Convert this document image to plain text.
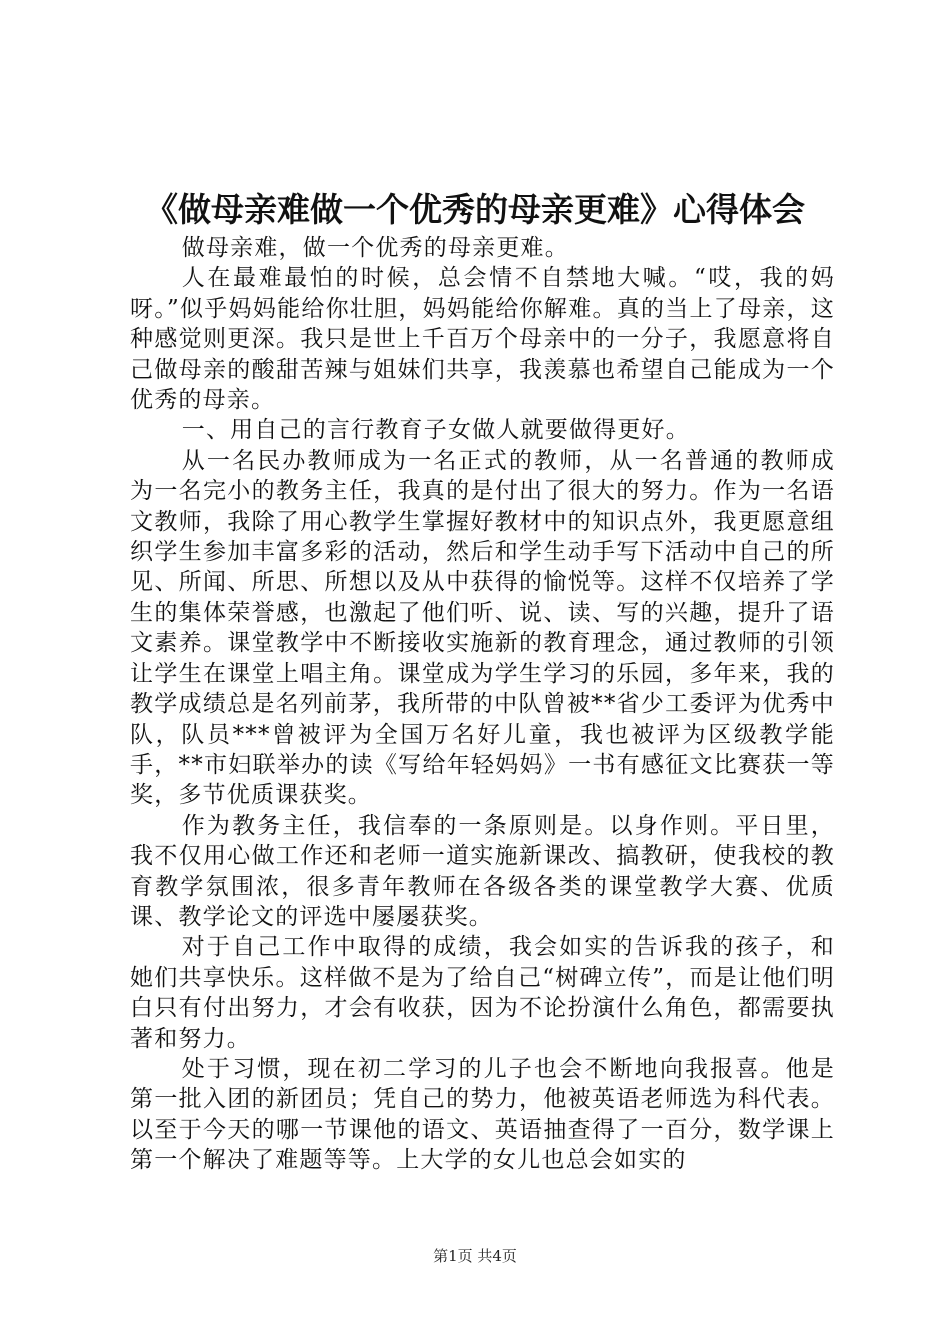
《做母亲难做一个优秀的母亲更难》心得体会

做母亲难，做一个优秀的母亲更难。

人在最难最怕的时候，总会情不自禁地大喊。“哎，我的妈呀。”似乎妈妈能给你壮胆，妈妈能给你解难。真的当上了母亲，这种感觉则更深。我只是世上千百万个母亲中的一分子，我愿意将自己做母亲的酸甜苦辣与姐妹们共享，我羡慕也希望自己能成为一个优秀的母亲。

一、用自己的言行教育子女做人就要做得更好。

从一名民办教师成为一名正式的教师，从一名普通的教师成为一名完小的教务主任，我真的是付出了很大的努力。作为一名语文教师，我除了用心教学生掌握好教材中的知识点外，我更愿意组织学生参加丰富多彩的活动，然后和学生动手写下活动中自己的所见、所闻、所思、所想以及从中获得的愉悦等。这样不仅培养了学生的集体荣誉感，也激起了他们听、说、读、写的兴趣，提升了语文素养。课堂教学中不断接收实施新的教育理念，通过教师的引领让学生在课堂上唱主角。课堂成为学生学习的乐园，多年来，我的教学成绩总是名列前茅，我所带的中队曾被**省少工委评为优秀中队，队员***曾被评为全国万名好儿童，我也被评为区级教学能手，**市妇联举办的读《写给年轻妈妈》一书有感征文比赛获一等奖，多节优质课获奖。

作为教务主任，我信奉的一条原则是。以身作则。平日里，我不仅用心做工作还和老师一道实施新课改、搞教研，使我校的教育教学氛围浓，很多青年教师在各级各类的课堂教学大赛、优质课、教学论文的评选中屡屡获奖。

对于自己工作中取得的成绩，我会如实的告诉我的孩子，和她们共享快乐。这样做不是为了给自己“树碑立传”，而是让他们明白只有付出努力，才会有收获，因为不论扮演什么角色，都需要执著和努力。

处于习惯，现在初二学习的儿子也会不断地向我报喜。他是第一批入团的新团员；凭自己的势力，他被英语老师选为科代表。以至于今天的哪一节课他的语文、英语抽查得了一百分，数学课上第一个解决了难题等等。上大学的女儿也总会如实的

第1页 共4页
